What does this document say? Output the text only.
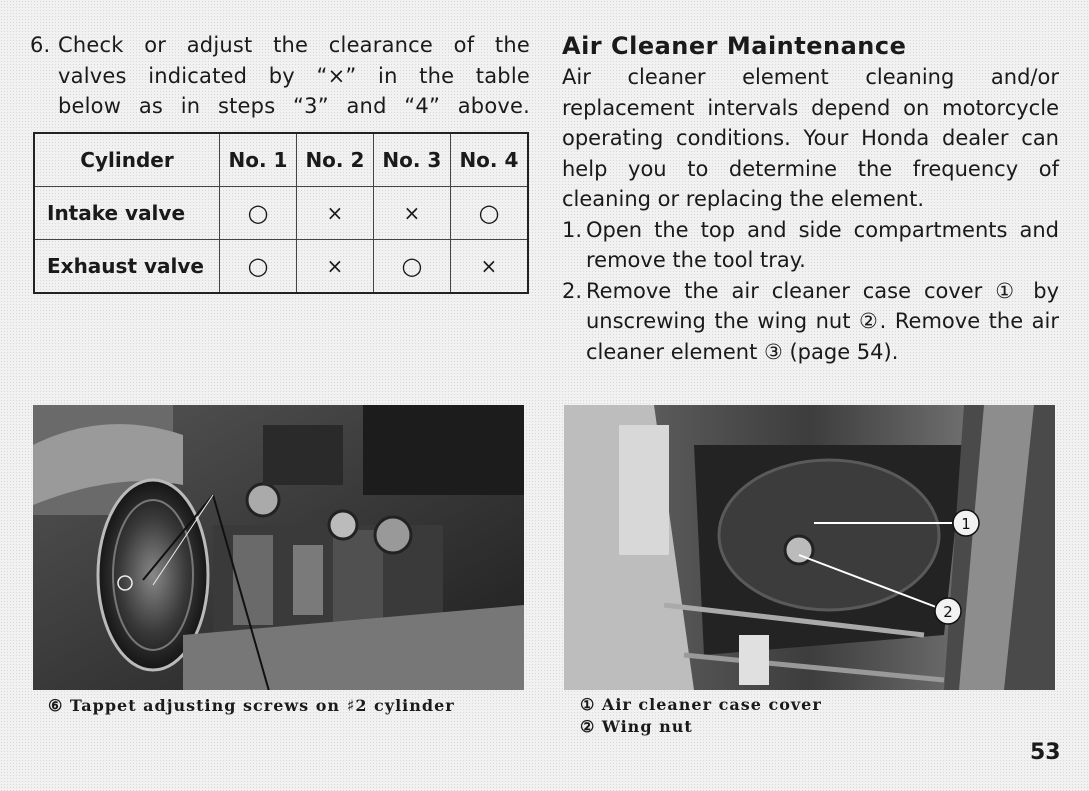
6. Check or adjust the clearance of the
valves indicated by “×” in the table
below as in steps “3” and “4” above.
Cylinder	No. 1	No. 2	No. 3	No. 4
Intake valve	○	×	×	○
Exhaust valve	○	×	○	×
Air Cleaner Maintenance
Air cleaner element cleaning and/or replacement intervals depend on motorcycle operating conditions. Your Honda dealer can help you to determine the frequency of cleaning or replacing the element.
1. Open the top and side compartments and remove the tool tray.
2. Remove the air cleaner case cover ① by unscrewing the wing nut ②. Remove the air cleaner element ③ (page 54).
1
2
⑥ Tappet adjusting screws on ♯2 cylinder	① Air cleaner case cover
② Wing nut
53
